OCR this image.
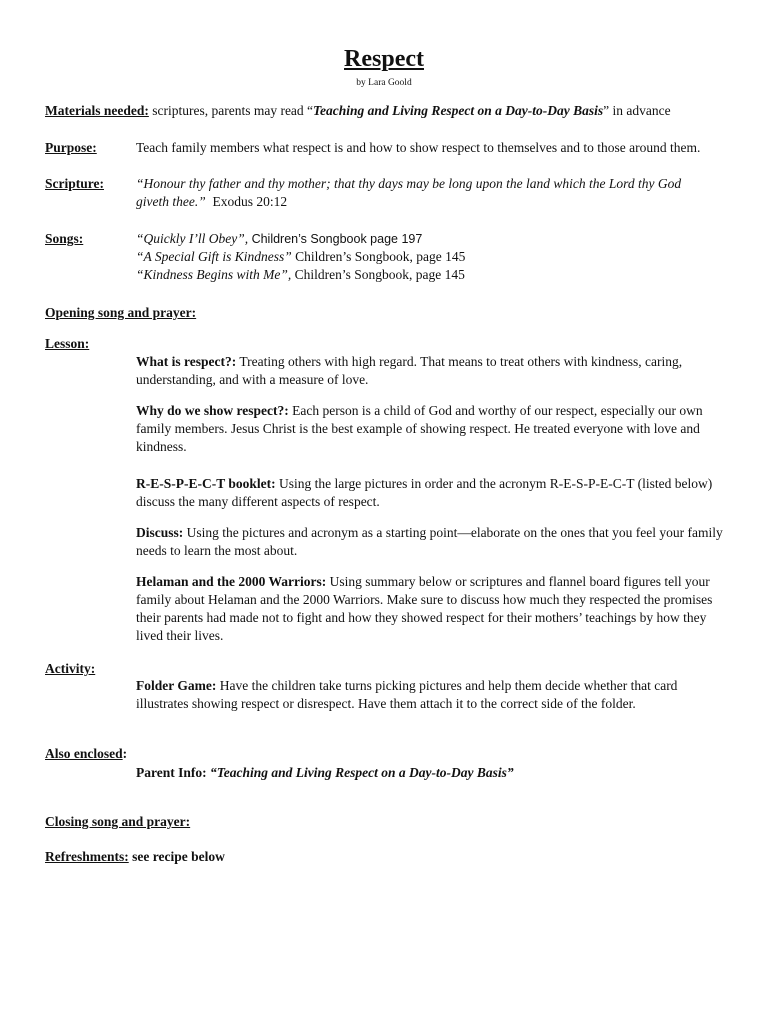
Respect
by Lara Goold
Materials needed: scriptures, parents may read “Teaching and Living Respect on a Day-to-Day Basis” in advance
Purpose:	Teach family members what respect is and how to show respect to themselves and to those around them.
Scripture: “Honour thy father and thy mother; that thy days may be long upon the land which the Lord thy God giveth thee.” Exodus 20:12
Songs:	“Quickly I’ll Obey”, Children’s Songbook page 197
“A Special Gift is Kindness” Children’s Songbook, page 145
“Kindness Begins with Me”, Children’s Songbook, page 145
Opening song and prayer:
Lesson:
What is respect?: Treating others with high regard. That means to treat others with kindness, caring, understanding, and with a measure of love.
Why do we show respect?: Each person is a child of God and worthy of our respect, especially our own family members. Jesus Christ is the best example of showing respect. He treated everyone with love and kindness.
R-E-S-P-E-C-T booklet: Using the large pictures in order and the acronym R-E-S-P-E-C-T (listed below) discuss the many different aspects of respect.
Discuss: Using the pictures and acronym as a starting point—elaborate on the ones that you feel your family needs to learn the most about.
Helaman and the 2000 Warriors: Using summary below or scriptures and flannel board figures tell your family about Helaman and the 2000 Warriors. Make sure to discuss how much they respected the promises their parents had made not to fight and how they showed respect for their mothers’ teachings by how they lived their lives.
Activity:
Folder Game: Have the children take turns picking pictures and help them decide whether that card illustrates showing respect or disrespect. Have them attach it to the correct side of the folder.
Also enclosed:
Parent Info: “Teaching and Living Respect on a Day-to-Day Basis”
Closing song and prayer:
Refreshments: see recipe below
